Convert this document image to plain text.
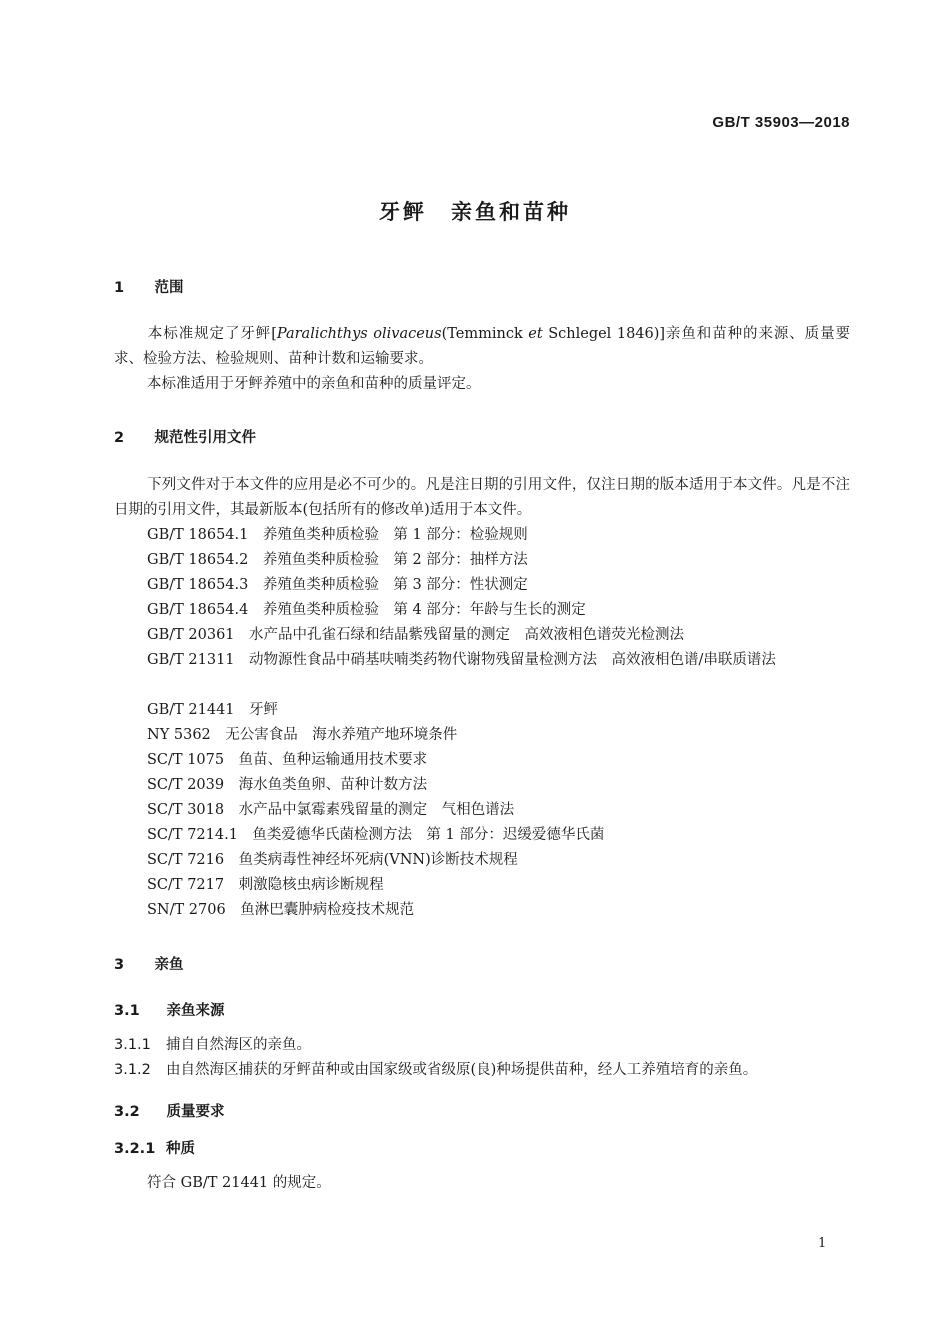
GB/T 35903—2018
牙鲆　亲鱼和苗种
1　 范围
本标准规定了牙鲆[Paralichthys olivaceus(Temminck et Schlegel 1846)]亲鱼和苗种的来源、质量要求、检验方法、检验规则、苗种计数和运输要求。
本标准适用于牙鲆养殖中的亲鱼和苗种的质量评定。
2　 规范性引用文件
下列文件对于本文件的应用是必不可少的。凡是注日期的引用文件，仅注日期的版本适用于本文件。凡是不注日期的引用文件，其最新版本(包括所有的修改单)适用于本文件。
GB/T 18654.1　养殖鱼类种质检验　第 1 部分：检验规则
GB/T 18654.2　养殖鱼类种质检验　第 2 部分：抽样方法
GB/T 18654.3　养殖鱼类种质检验　第 3 部分：性状测定
GB/T 18654.4　养殖鱼类种质检验　第 4 部分：年龄与生长的测定
GB/T 20361　水产品中孔雀石绿和结晶紫残留量的测定　高效液相色谱荧光检测法
GB/T 21311　动物源性食品中硝基呋喃类药物代谢物残留量检测方法　高效液相色谱/串联质谱法
GB/T 21441　牙鲆
NY 5362　无公害食品　海水养殖产地环境条件
SC/T 1075　鱼苗、鱼种运输通用技术要求
SC/T 2039　海水鱼类鱼卵、苗种计数方法
SC/T 3018　水产品中氯霉素残留量的测定　气相色谱法
SC/T 7214.1　鱼类爱德华氏菌检测方法　第 1 部分：迟缓爱德华氏菌
SC/T 7216　鱼类病毒性神经坏死病(VNN)诊断技术规程
SC/T 7217　刺激隐核虫病诊断规程
SN/T 2706　鱼淋巴囊肿病检疫技术规范
3　 亲鱼
3.1　 亲鱼来源
3.1.1 捕自自然海区的亲鱼。
3.1.2 由自然海区捕获的牙鲆苗种或由国家级或省级原(良)种场提供苗种，经人工养殖培育的亲鱼。
3.2　 质量要求
3.2.1 种质
符合 GB/T 21441 的规定。
1
